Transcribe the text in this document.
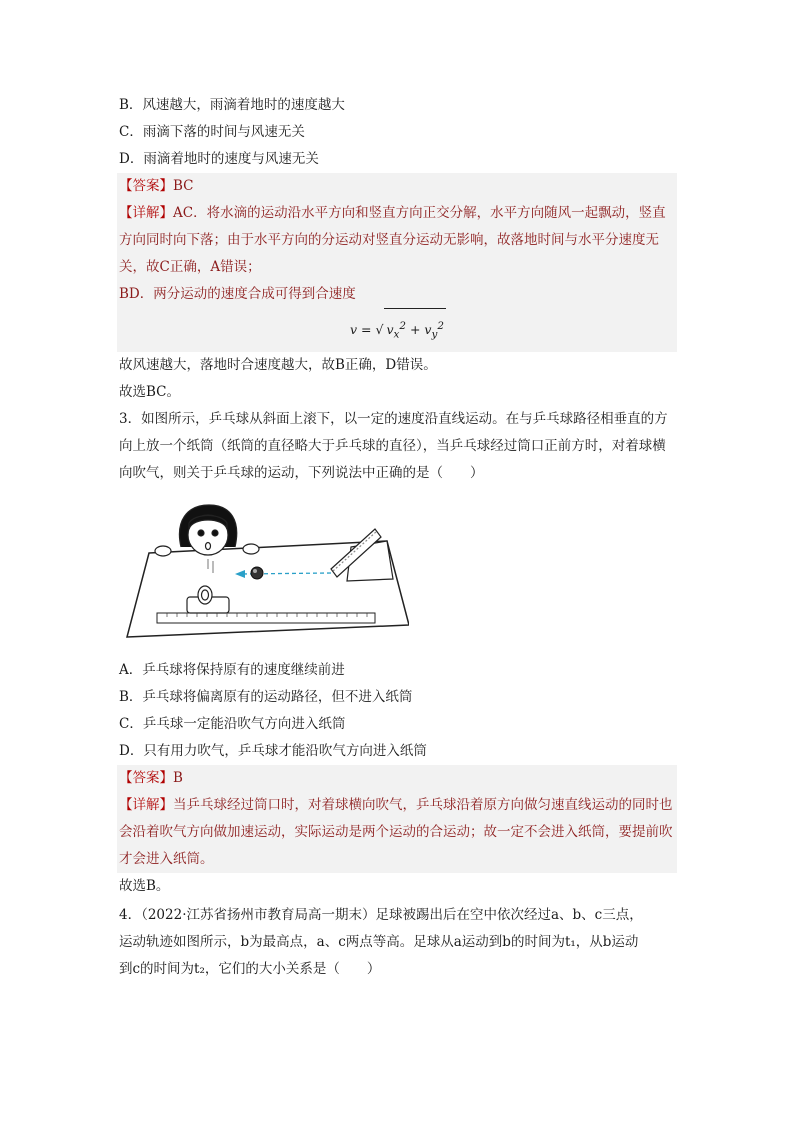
B．风速越大，雨滴着地时的速度越大
C．雨滴下落的时间与风速无关
D．雨滴着地时的速度与风速无关
【答案】BC
【详解】AC．将水滴的运动沿水平方向和竖直方向正交分解，水平方向随风一起飘动，竖直方向同时向下落；由于水平方向的分运动对竖直分运动无影响，故落地时间与水平分速度无关，故C正确，A错误；
BD．两分运动的速度合成可得到合速度
v = √ $v_x^2 + v_y^2$
故风速越大，落地时合速度越大，故B正确，D错误。
故选BC。
3．如图所示，乒乓球从斜面上滚下，以一定的速度沿直线运动。在与乒乓球路径相垂直的方向上放一个纸筒（纸筒的直径略大于乒乓球的直径），当乒乓球经过筒口正前方时，对着球横向吹气，则关于乒乓球的运动，下列说法中正确的是（　　）
A．乒乓球将保持原有的速度继续前进
B．乒乓球将偏离原有的运动路径，但不进入纸筒
C．乒乓球一定能沿吹气方向进入纸筒
D．只有用力吹气，乒乓球才能沿吹气方向进入纸筒
【答案】B
【详解】当乒乓球经过筒口时，对着球横向吹气，乒乓球沿着原方向做匀速直线运动的同时也会沿着吹气方向做加速运动，实际运动是两个运动的合运动；故一定不会进入纸筒，要提前吹才会进入纸筒。
故选B。
4．（2022·江苏省扬州市教育局高一期末）足球被踢出后在空中依次经过a、b、c三点，
运动轨迹如图所示，b为最高点，a、c两点等高。足球从a运动到b的时间为t₁，从b运动
到c的时间为t₂，它们的大小关系是（　　）
